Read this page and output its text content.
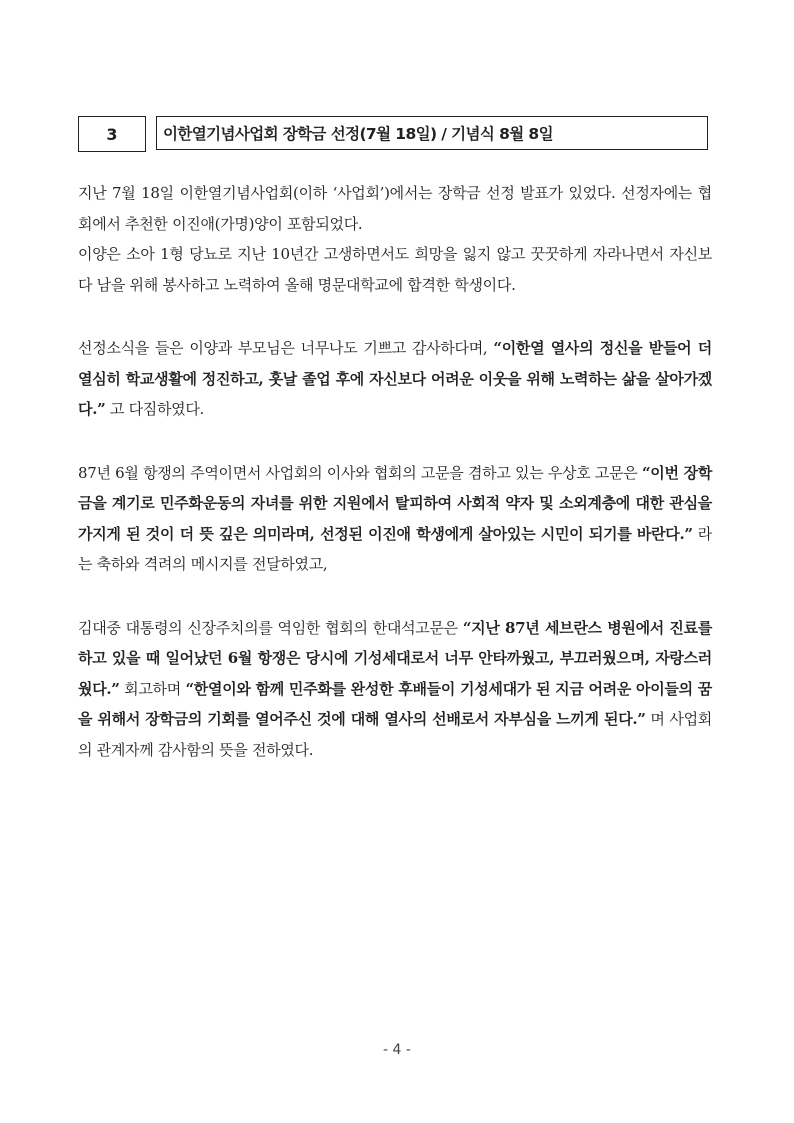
3	이한열기념사업회 장학금 선정(7월 18일) / 기념식 8월 8일

지난 7월 18일 이한열기념사업회(이하 ‘사업회’)에서는 장학금 선정 발표가 있었다. 선정자에는 협회에서 추천한 이진애(가명)양이 포함되었다.

이양은 소아 1형 당뇨로 지난 10년간 고생하면서도 희망을 잃지 않고 꿋꿋하게 자라나면서 자신보다 남을 위해 봉사하고 노력하여 올해 명문대학교에 합격한 학생이다.

선정소식을 들은 이양과 부모님은 너무나도 기쁘고 감사하다며, “이한열 열사의 정신을 받들어 더 열심히 학교생활에 정진하고, 훗날 졸업 후에 자신보다 어려운 이웃을 위해 노력하는 삶을 살아가겠다.” 고 다짐하였다.

87년 6월 항쟁의 주역이면서 사업회의 이사와 협회의 고문을 겸하고 있는 우상호 고문은 “이번 장학금을 계기로 민주화운동의 자녀를 위한 지원에서 탈피하여 사회적 약자 및 소외계층에 대한 관심을 가지게 된 것이 더 뜻 깊은 의미라며, 선정된 이진애 학생에게 살아있는 시민이 되기를 바란다.” 라는 축하와 격려의 메시지를 전달하였고,

김대중 대통령의 신장주치의를 역임한 협회의 한대석고문은 “지난 87년 세브란스 병원에서 진료를 하고 있을 때 일어났던 6월 항쟁은 당시에 기성세대로서 너무 안타까웠고, 부끄러웠으며, 자랑스러웠다.” 회고하며 “한열이와 함께 민주화를 완성한 후배들이 기성세대가 된 지금 어려운 아이들의 꿈을 위해서 장학금의 기회를 열어주신 것에 대해 열사의 선배로서 자부심을 느끼게 된다.” 며 사업회의 관계자께 감사함의 뜻을 전하였다.

- 4 -
